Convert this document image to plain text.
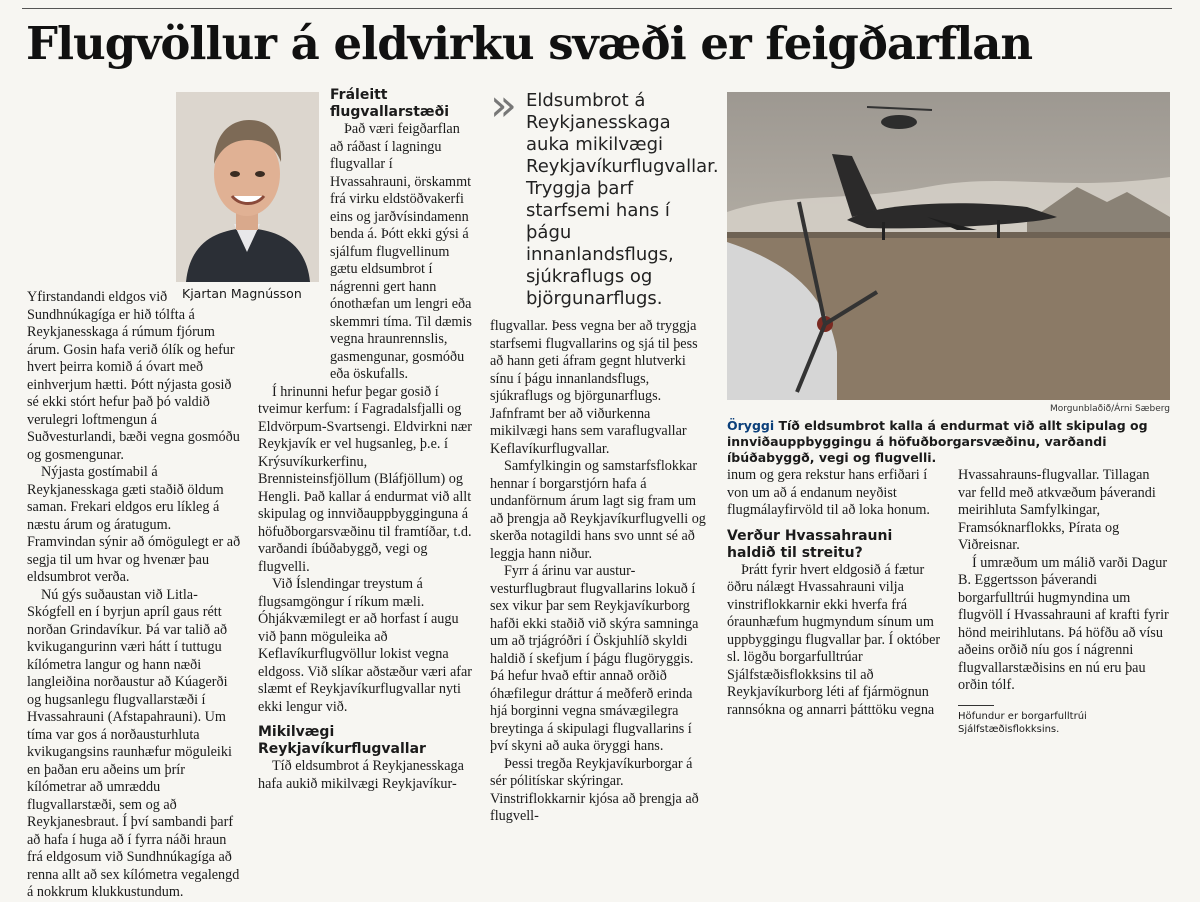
Flugvöllur á eldvirku svæði er feigðarflan
Kjartan Magnússon

Yfirstandandi eldgos við Sundhnúkagíga er hið tólfta á Reykjanesskaga á rúmum fjórum árum. Gosin hafa verið ólík og hefur hvert þeirra komið á óvart með einhverjum hætti. Þótt nýjasta gosið sé ekki stórt hefur það þó valdið verulegri loftmengun á Suðvesturlandi, bæði vegna gosmóðu og gosmengunar.

Nýjasta gostímabil á Reykjanesskaga gæti staðið öldum saman. Frekari eldgos eru líkleg á næstu árum og áratugum. Framvindan sýnir að ómögulegt er að segja til um hvar og hvenær þau eldsumbrot verða.

Nú gýs suðaustan við Litla-Skógfell en í byrjun apríl gaus rétt norðan Grindavíkur. Þá var talið að kvikugangurinn væri hátt í tuttugu kílómetra langur og hann næði langleiðina norðaustur að Kúagerði og hugsanlegu flugvallarstæði í Hvassahrauni (Afstapahrauni). Um tíma var gos á norðausturhluta kvikugangsins raunhæfur möguleiki en þaðan eru aðeins um þrír kílómetrar að umræddu flugvallarstæði, sem og að Reykjanesbraut. Í því sambandi þarf að hafa í huga að í fyrra náði hraun frá eldgosum við Sundhnúkagíga að renna allt að sex kílómetra vegalengd á nokkrum klukkustundum.

Fráleitt flugvallarstæði

Það væri feigðarflan að ráðast í lagningu flugvallar í Hvassahrauni, örskammt frá virku eldstöðvakerfi eins og jarðvísindamenn benda á. Þótt ekki gýsi á sjálfum flugvellinum gætu eldsumbrot í nágrenni gert hann ónothæfan um lengri eða skemmri tíma. Til dæmis vegna hraunrennslis, gasmengunar, gosmóðu eða öskufalls.

Í hrinunni hefur þegar gosið í tveimur kerfum: í Fagradalsfjalli og Eldvörpum-Svartsengi. Eldvirkni nær Reykjavík er vel hugsanleg, þ.e. í Krýsuvíkurkerfinu, Brennisteinsfjöllum (Bláfjöllum) og Hengli. Það kallar á endurmat við allt skipulag og innviðauppbygginguna á höfuðborgarsvæðinu til framtíðar, t.d. varðandi íbúðabyggð, vegi og flugvelli.

Við Íslendingar treystum á flugsamgöngur í ríkum mæli. Óhjákvæmilegt er að horfast í augu við þann möguleika að Keflavíkurflugvöllur lokist vegna eldgoss. Við slíkar aðstæður væri afar slæmt ef Reykjavíkurflugvallar nyti ekki lengur við.

Mikilvægi Reykjavíkurflugvallar

Tíð eldsumbrot á Reykjanesskaga hafa aukið mikilvægi Reykjavíkur-

» Eldsumbrot á Reykjanesskaga auka mikilvægi Reykjavíkurflugvallar. Tryggja þarf starfsemi hans í þágu innanlandsflugs, sjúkraflugs og björgunarflugs.

flugvallar. Þess vegna ber að tryggja starfsemi flugvallarins og sjá til þess að hann geti áfram gegnt hlutverki sínu í þágu innanlandsflugs, sjúkraflugs og björgunarflugs. Jafnframt ber að viðurkenna mikilvægi hans sem varaflugvallar Keflavíkurflugvallar.

Samfylkingin og samstarfsflokkar hennar í borgarstjórn hafa á undanförnum árum lagt sig fram um að þrengja að Reykjavíkurflugvelli og skerða notagildi hans svo unnt sé að leggja hann niður.

Fyrr á árinu var austur-vesturflugbraut flugvallarins lokuð í sex vikur þar sem Reykjavíkurborg hafði ekki staðið við skýra samninga um að trjágróðri í Öskjuhlíð skyldi haldið í skefjum í þágu flugöryggis. Þá hefur hvað eftir annað orðið óhæfilegur dráttur á meðferð erinda hjá borginni vegna smávægilegra breytinga á skipulagi flugvallarins í því skyni að auka öryggi hans.

Þessi tregða Reykjavíkurborgar á sér pólitískar skýringar. Vinstriflokkarnir kjósa að þrengja að flugvell-

Morgunblaðið/Árni Sæberg
Öryggi Tíð eldsumbrot kalla á endurmat við allt skipulag og innviðauppbyggingu á höfuðborgarsvæðinu, varðandi íbúðabyggð, vegi og flugvelli.

inum og gera rekstur hans erfiðari í von um að á endanum neyðist flugmálayfirvöld til að loka honum.

Verður Hvassahrauni haldið til streitu?

Þrátt fyrir hvert eldgosið á fætur öðru nálægt Hvassahrauni vilja vinstriflokkarnir ekki hverfa frá óraunhæfum hugmyndum sínum um uppbyggingu flugvallar þar. Í október sl. lögðu borgarfulltrúar Sjálfstæðisflokksins til að Reykjavíkurborg léti af fjármögnun rannsókna og annarri þátttöku vegna

Hvassahrauns-flugvallar. Tillagan var felld með atkvæðum þáverandi meirihluta Samfylkingar, Framsóknarflokks, Pírata og Viðreisnar.

Í umræðum um málið varði Dagur B. Eggertsson þáverandi borgarfulltrúi hugmyndina um flugvöll í Hvassahrauni af krafti fyrir hönd meirihlutans. Þá höfðu að vísu aðeins orðið níu gos í nágrenni flugvallarstæðisins en nú eru þau orðin tólf.

Höfundur er borgarfulltrúi Sjálfstæðisflokksins.
